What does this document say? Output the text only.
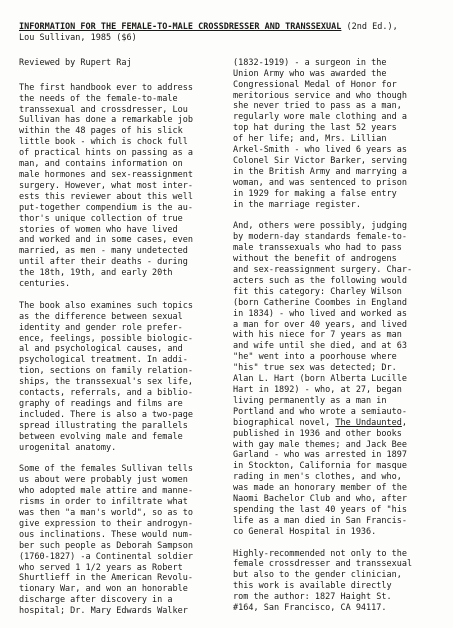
INFORMATION FOR THE FEMALE-TO-MALE CROSSDRESSER AND TRANSSEXUAL (2nd Ed.),
Lou Sullivan, 1985 ($6)

Reviewed by Rupert Raj

The first handbook ever to address
the needs of the female-to-male
transsexual and crossdresser, Lou
Sullivan has done a remarkable job
within the 48 pages of his slick
little book - which is chock full
of practical hints on passing as a
man, and contains information on
male hormones and sex-reassignment
surgery. However, what most inter-
ests this reviewer about this well
put-together compendium is the au-
thor's unique collection of true
stories of women who have lived
and worked and in some cases, even
married, as men - many undetected
until after their deaths - during
the 18th, 19th, and early 20th
centuries.

The book also examines such topics
as the difference between sexual
identity and gender role prefer-
ence, feelings, possible biologic-
al and psychological causes, and
psychological treatment. In addi-
tion, sections on family relation-
ships, the transsexual's sex life,
contacts, referrals, and a biblio-
graphy of readings and films are
included. There is also a two-page
spread illustrating the parallels
between evolving male and female
urogenital anatomy.

Some of the females Sullivan tells
us about were probably just women
who adopted male attire and manne-
risms in order to infiltrate what
was then "a man's world", so as to
give expression to their androgyn-
ous inclinations. These would num-
ber such people as Deborah Sampson
(1760-1827) -a Continental soldier
who served 1 1/2 years as Robert
Shurtlieff in the American Revolu-
tionary War, and won an honorable
discharge after discovery in a
hospital; Dr. Mary Edwards Walker

(1832-1919) - a surgeon in the
Union Army who was awarded the
Congressional Medal of Honor for
meritorious service and who though
she never tried to pass as a man,
regularly wore male clothing and a
top hat during the last 52 years
of her life; and, Mrs. Lillian
Arkel-Smith - who lived 6 years as
Colonel Sir Victor Barker, serving
in the British Army and marrying a
woman, and was sentenced to prison
in 1929 for making a false entry
in the marriage register.

And, others were possibly, judging
by modern-day standards female-to-
male transsexuals who had to pass
without the benefit of androgens
and sex-reassignment surgery. Char-
acters such as the following would
fit this category: Charley Wilson
(born Catherine Coombes in England
in 1834) - who lived and worked as
a man for over 40 years, and lived
with his niece for 7 years as man
and wife until she died, and at 63
"he" went into a poorhouse where
"his" true sex was detected; Dr.
Alan L. Hart (born Alberta Lucille
Hart in 1892) - who, at 27, began
living permanently as a man in
Portland and who wrote a semiauto-
biographical novel, The Undaunted,
published in 1936 and other books
with gay male themes; and Jack Bee
Garland - who was arrested in 1897
in Stockton, California for masque
rading in men's clothes, and who,
was made an honorary member of the
Naomi Bachelor Club and who, after
spending the last 40 years of "his
life as a man died in San Francis-
co General Hospital in 1936.

Highly-recommended not only to the
female crossdresser and transsexual
but also to the gender clinician,
this work is available directly
rom the author: 1827 Haight St.
#164, San Francisco, CA 94117.
